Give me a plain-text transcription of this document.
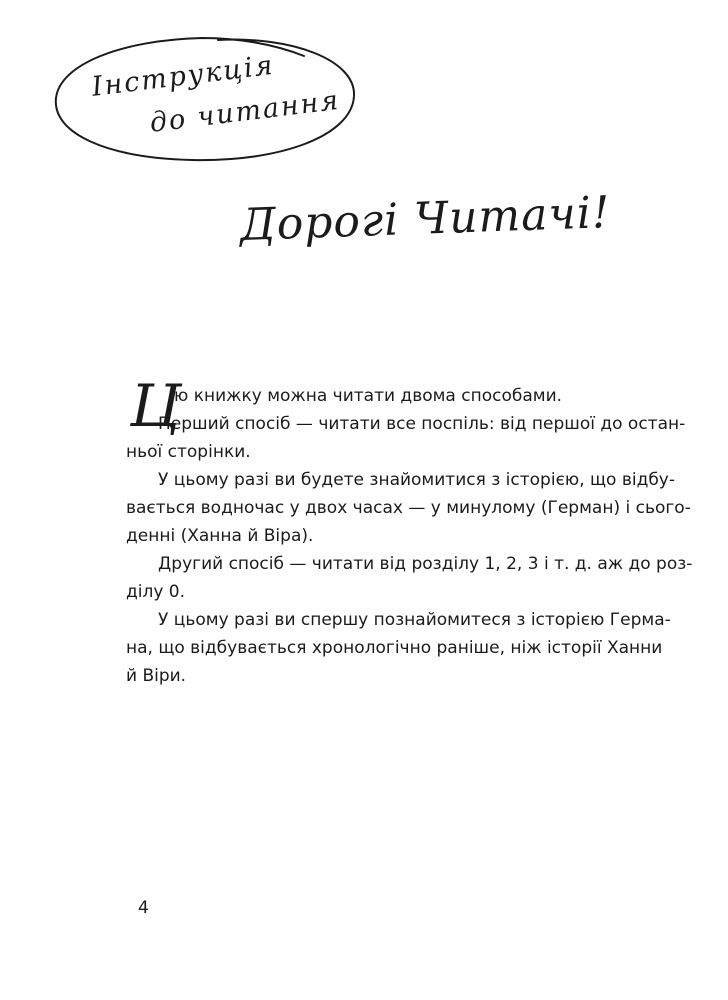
Інструкція
до читання
Дорогі Читачі!
Ц
ю книжку можна читати двома способами.
Перший спосіб — читати все поспіль: від першої до остан-
ньої сторінки.
У цьому разі ви будете знайомитися з історією, що відбу-
вається водночас у двох часах — у минулому (Герман) і сього-
денні (Ханна й Віра).
Другий спосіб — читати від розділу 1, 2, 3 і т. д. аж до роз-
ділу 0.
У цьому разі ви спершу познайомитеся з історією Герма-
на, що відбувається хронологічно раніше, ніж історії Ханни
й Віри.
4
